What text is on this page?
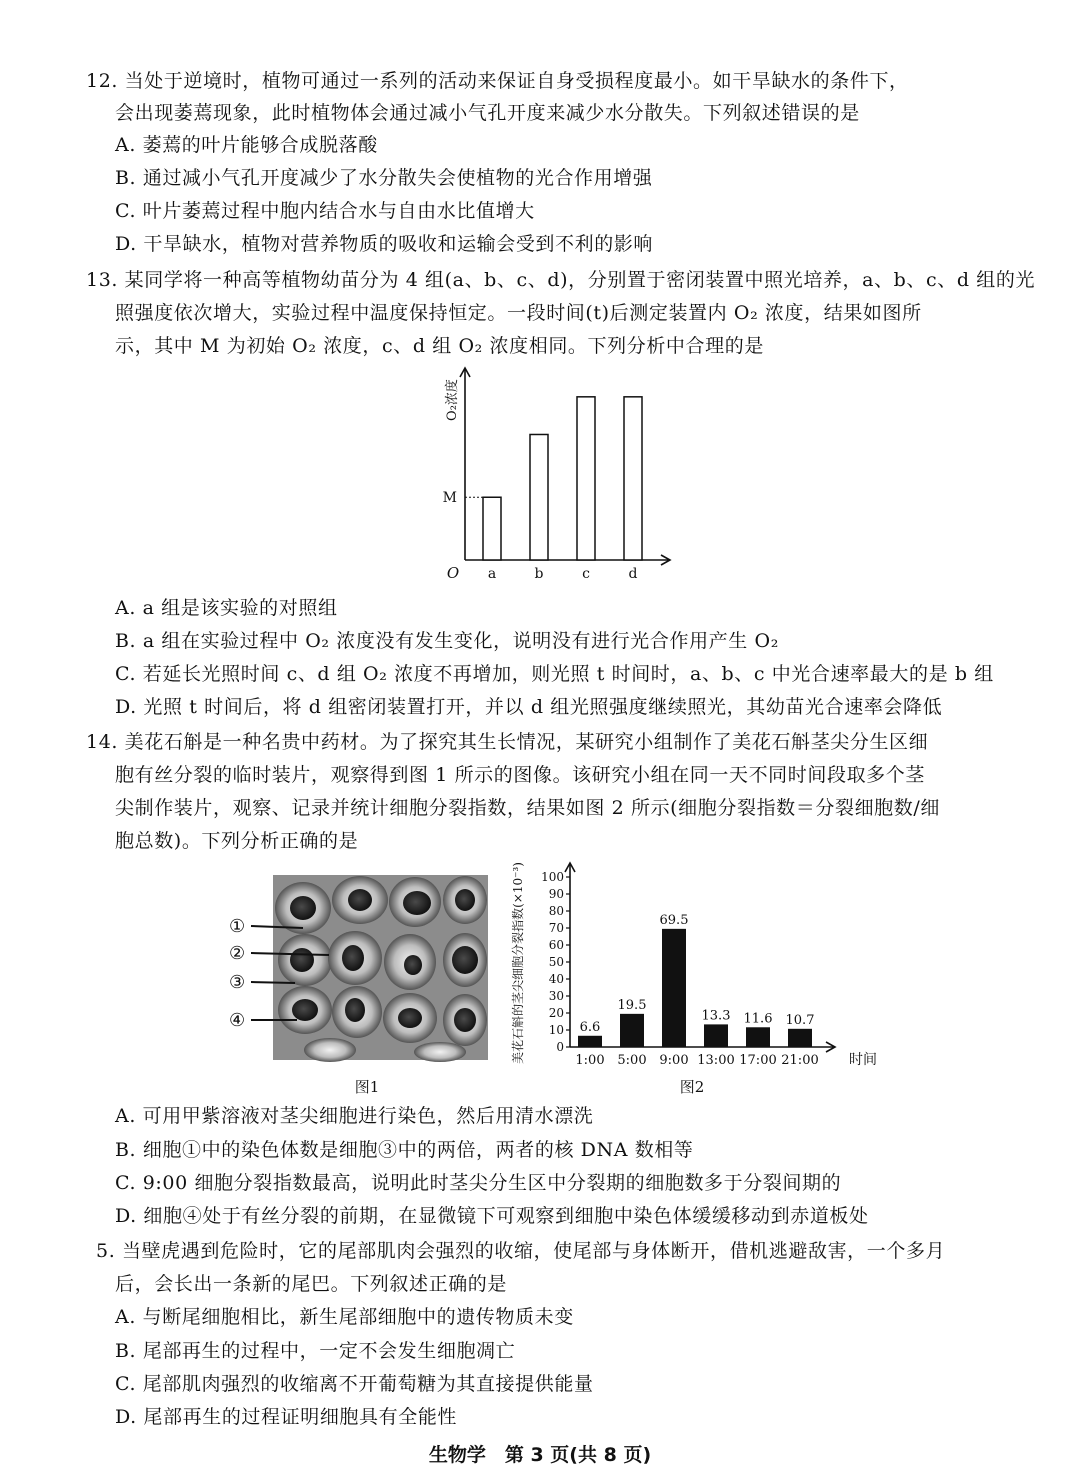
12. 当处于逆境时，植物可通过一系列的活动来保证自身受损程度最小。如干旱缺水的条件下，
会出现萎蔫现象，此时植物体会通过减小气孔开度来减少水分散失。下列叙述错误的是
A. 萎蔫的叶片能够合成脱落酸
B. 通过减小气孔开度减少了水分散失会使植物的光合作用增强
C. 叶片萎蔫过程中胞内结合水与自由水比值增大
D. 干旱缺水，植物对营养物质的吸收和运输会受到不利的影响
13. 某同学将一种高等植物幼苗分为 4 组(a、b、c、d)，分别置于密闭装置中照光培养，a、b、c、d 组的光
照强度依次增大，实验过程中温度保持恒定。一段时间(t)后测定装置内 O₂ 浓度，结果如图所
示，其中 M 为初始 O₂ 浓度，c、d 组 O₂ 浓度相同。下列分析中合理的是
O₂浓度
O
M
a	b	c	d
A. a 组是该实验的对照组
B. a 组在实验过程中 O₂ 浓度没有发生变化，说明没有进行光合作用产生 O₂
C. 若延长光照时间 c、d 组 O₂ 浓度不再增加，则光照 t 时间时，a、b、c 中光合速率最大的是 b 组
D. 光照 t 时间后，将 d 组密闭装置打开，并以 d 组光照强度继续照光，其幼苗光合速率会降低
14. 美花石斛是一种名贵中药材。为了探究其生长情况，某研究小组制作了美花石斛茎尖分生区细
胞有丝分裂的临时装片，观察得到图 1 所示的图像。该研究小组在同一天不同时间段取多个茎
尖制作装片，观察、记录并统计细胞分裂指数，结果如图 2 所示(细胞分裂指数＝分裂细胞数/细
胞总数)。下列分析正确的是
①
②
③
④
图1
0
10
20
30
40
50
60
70
80
90
100
美花石斛的茎尖细胞分裂指数(×10⁻³)	时间
6.6
1:00
19.5
5:00
69.5
9:00
13.3
13:00
11.6
17:00
10.7
21:00
图2
A. 可用甲紫溶液对茎尖细胞进行染色，然后用清水漂洗
B. 细胞①中的染色体数是细胞③中的两倍，两者的核 DNA 数相等
C. 9:00 细胞分裂指数最高，说明此时茎尖分生区中分裂期的细胞数多于分裂间期的
D. 细胞④处于有丝分裂的前期，在显微镜下可观察到细胞中染色体缓缓移动到赤道板处
5. 当壁虎遇到危险时，它的尾部肌肉会强烈的收缩，使尾部与身体断开，借机逃避敌害，一个多月
后，会长出一条新的尾巴。下列叙述正确的是
A. 与断尾细胞相比，新生尾部细胞中的遗传物质未变
B. 尾部再生的过程中，一定不会发生细胞凋亡
C. 尾部肌肉强烈的收缩离不开葡萄糖为其直接提供能量
D. 尾部再生的过程证明细胞具有全能性
生物学　第 3 页(共 8 页)
